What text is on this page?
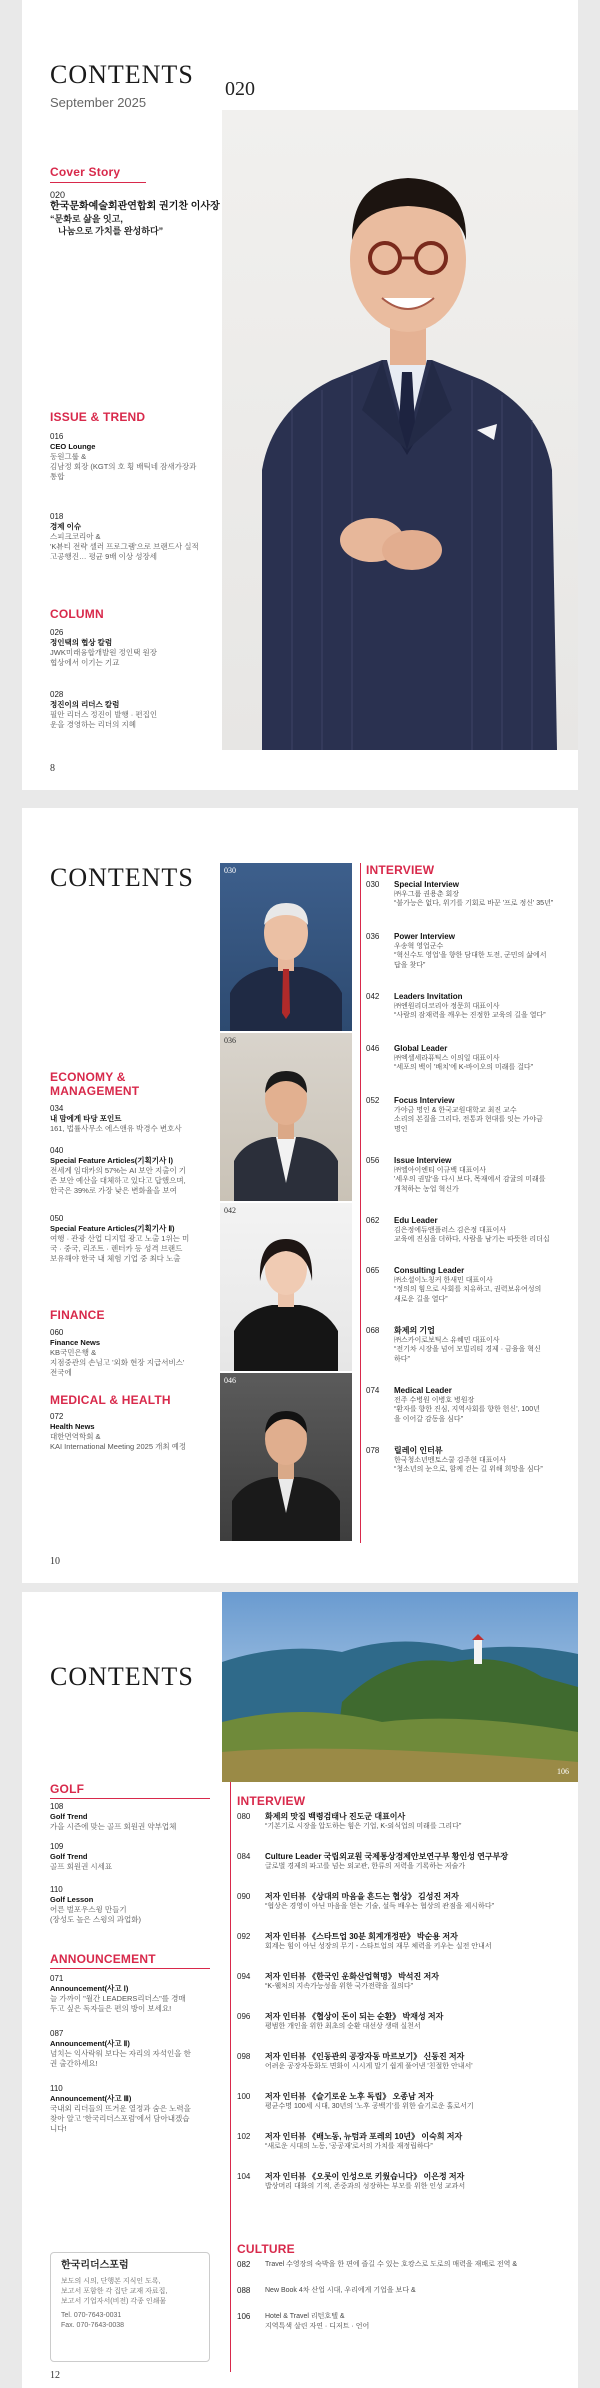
CONTENTS
September 2025
020
Cover Story
020
한국문화예술회관연합회 권기찬 이사장
“문화로 삶을 잇고,
나눔으로 가치를 완성하다”
ISSUE & TREND
016
CEO Lounge
동원그룹 &
김남정 회장 (KGT의 호 횡 배틱네 잠새가장과
통합
018
경제 이슈
스피크코리아 &
'K뷰티 전략 셀러 프로그램'으로 브랜드사 실적
고공행진… 평균 9배 이상 성장세
COLUMN
026
정인택의 협상 칼럼
JWK미래융합개발원 정인택 원장
협상에서 이기는 기교
028
정진이의 리더스 칼럼
필안 리더스 정진이 발행 · 편집인
운을 경영하는 리더의 지혜
8
CONTENTS	030
036
042
046
ECONOMY &
MANAGEMENT
034
내 맘에게 타당 포인트
161, 법률사무소 에스앤유 박경수 변호사
040
Special Feature Articles(기획기사 Ⅰ)
전세계 임대카의 57%는 AI 보안 지출이 기
존 보안 예산을 대체하고 있다고 답했으며,
한국은 39%로 가장 낮은 변화율을 보여
050
Special Feature Articles(기획기사 Ⅱ)
여행 · 관광 산업 디지털 광고 노출 1위는 미
국 · 중국, 리조트 · 렌터카 등 성격 브랜드
보유해야 한국 내 체험 기업 중 최다 노출
FINANCE
060
Finance News
KB국민은행 &
지점중관의 손님고 '외화 현장 지급서비스'
전국에
MEDICAL & HEALTH
072
Health News
대한면역학회 &
KAI International Meeting 2025 개최 예정
INTERVIEW
030 Special Interview
㈜우그룹 권용춘 회장
“불가능은 없다, 위기를 기회로 바꾼 '프로 정신' 35년”
036 Power Interview
우송혁 영업군수
“혁신수도 영업'을 향한 담대한 도전, 군민의 삶에서
답을 찾다”
042 Leaders Invitation
㈜엔원리더코리아 정문희 대표이사
“사람의 잠재력을 깨우는 진정한 교육의 길을 열다”
046 Global Leader
㈜엑셀세라퓨틱스 이의일 대표이사
“세포의 백이 '배치'에 K-바이오의 미래를 걸다”
052 Focus Interview
가야금 명인 & 한국교원대학교 최진 교수
소리의 본질을 그리다, 전통과 현대를 잇는 가야금
명인
056 Issue Interview
㈜엘아이엔티 이규백 대표이사
'세우의 권말'을 다시 보다, 목재에서 감귤의 미래를
개척하는 농업 혁신가
062 Edu Leader
김은정에듀앤플러스 김은정 대표이사
교육에 진심을 더하다, 사람을 남기는 따뜻한 리더십
065 Consulting Leader
㈜소셜이노칭커 한새민 대표이사
“정의의 힘으로 사회를 치유하고, 권력보유여성의
새로운 길을 열다”
068 화제의 기업
㈜스카이로보틱스 유혜민 대표이사
“전기차 시장을 넘어 모빌리티 경제 · 금융을 혁신
하다”
074 Medical Leader
전주 수병원 이병호 병원장
“환자를 향한 진심, 지역사회를 향한 헌신', 100년
을 이어갈 감동을 심다”
078 릴레이 인터뷰
한국청소년멘토스쿨 김주현 대표이사
“청소년의 눈으로, 함께 걷는 길 위해 희망을 심다”
10
CONTENTS
106
GOLF
108
Golf Trend
가을 시즌에 맞는 골프 회원권 약부업체
109
Golf Trend
골프 회원권 시세표
110
Golf Lesson
어른 벌포우스윙 만들기
(장성도 높은 스윙의 과업화)
ANNOUNCEMENT
071
Announcement(사고 Ⅰ)
늘 가까이 "월간 LEADERS리더스"를 경매
두고 싶은 독자들은 편의 방이 보세요!
087
Announcement(사고 Ⅱ)
넘치는 익사락워 보다는 자리의 자석인을 한
권 출간하세요!
110
Announcement(사고 Ⅲ)
국내외 리더들의 뜨거운 열정과 숨은 노력을
찾아 알고 '한국리더스포럼'에서 담아내겠습
니다!
한국리더스포럼
보도의 시의, 단행본 지식인 도록,
보고서 포함한 각 집단 교재 자료집,
보고서 기업자서(비전) 각종 인쇄물
Tel. 070-7643-0031
Fax. 070-7643-0038
INTERVIEW
080 화제의 맛집 백령검태나 진도군 대표이사
“기본기로 시장을 압도하는 힘은 기업, K-외식업의 미래를 그리다”
084 Culture Leader 국립외교원 국제통상경제안보연구부 황인성 연구부장
글로벌 경제의 파고를 넘는 외교관, 한류의 저력을 기록하는 저술가
090 저자 인터뷰 《상대의 마음을 흔드는 협상》 김성진 저자
“협상은 경영이 아닌 마음을 얻는 기술, 설득 배우는 협상의 관점을 제시하다”
092 저자 인터뷰 《스타트업 30분 회계개정판》 박순용 저자
회계는 힘이 아닌 성장의 무기 - 스타트업의 재무 체력을 키우는 실전 안내서
094 저자 인터뷰 《한국인 운화산업혁명》 박석진 저자
“K-웰처의 지속가능성을 위한 국가전략을 질의다”
096 저자 인터뷰 《협상이 돈이 되는 순환》 박재성 저자
평범한 개인을 위한 최초의 순환 대선상 생태 실천서
098 저자 인터뷰 《인동관의 공장자동 마르보기》 신동진 저자
어려운 공장자동화도 면화이 시시게 말기 쉽게 풀어낸 '친절한 안내서'
100 저자 인터뷰 《슬기로운 노후 독립》 오종남 저자
평균수명 100세 시대, 30년의 '노후 공백기'를 위한 슬기로운 홀로서기
102 저자 인터뷰 《배노동, 뉴텀과 포레의 10년》 이숙희 저자
“새로운 시대의 노동, '공공재'로서의 가치를 재정립하다”
104 저자 인터뷰 《오롯이 인성으로 키웠습니다》 이은정 저자
밥상머리 대화의 기적, 존중과의 성장하는 부모를 위한 인성 교과서
CULTURE
082 Travel 수영장의 숙박을 한 편에 즐길 수 있는 호캉스로 도로의 매력을 재배로 전역 &
088 New Book 4차 산업 시대, 우리에게 기업을 보다 &
106 Hotel & Travel 리턴호텔 &
지역특색 살린 자연 · 디저트 · 언어
12
